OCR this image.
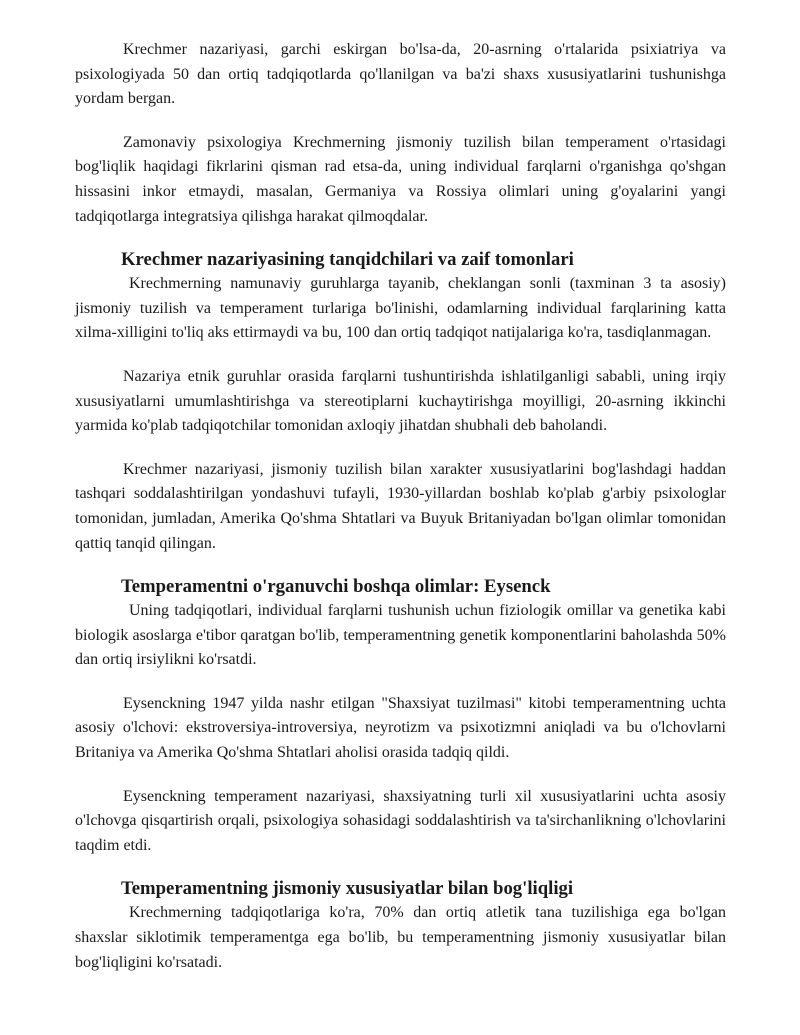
Krechmer nazariyasi, garchi eskirgan bo'lsa-da, 20-asrning o'rtalarida psixiatriya va psixologiyada 50 dan ortiq tadqiqotlarda qo'llanilgan va ba'zi shaxs xususiyatlarini tushunishga yordam bergan.

Zamonaviy psixologiya Krechmerning jismoniy tuzilish bilan temperament o'rtasidagi bog'liqlik haqidagi fikrlarini qisman rad etsa-da, uning individual farqlarni o'rganishga qo'shgan hissasini inkor etmaydi, masalan, Germaniya va Rossiya olimlari uning g'oyalarini yangi tadqiqotlarga integratsiya qilishga harakat qilmoqdalar.

Krechmer nazariyasining tanqidchilari va zaif tomonlari

Krechmerning namunaviy guruhlarga tayanib, cheklangan sonli (taxminan 3 ta asosiy) jismoniy tuzilish va temperament turlariga bo'linishi, odamlarning individual farqlarining katta xilma-xilligini to'liq aks ettirmaydi va bu, 100 dan ortiq tadqiqot natijalariga ko'ra, tasdiqlanmagan.

Nazariya etnik guruhlar orasida farqlarni tushuntirishda ishlatilganligi sababli, uning irqiy xususiyatlarni umumlashtirishga va stereotiplarni kuchaytirishga moyilligi, 20-asrning ikkinchi yarmida ko'plab tadqiqotchilar tomonidan axloqiy jihatdan shubhali deb baholandi.

Krechmer nazariyasi, jismoniy tuzilish bilan xarakter xususiyatlarini bog'lashdagi haddan tashqari soddalashtirilgan yondashuvi tufayli, 1930-yillardan boshlab ko'plab g'arbiy psixologlar tomonidan, jumladan, Amerika Qo'shma Shtatlari va Buyuk Britaniyadan bo'lgan olimlar tomonidan qattiq tanqid qilingan.

Temperamentni o'rganuvchi boshqa olimlar: Eysenck

Uning tadqiqotlari, individual farqlarni tushunish uchun fiziologik omillar va genetika kabi biologik asoslarga e'tibor qaratgan bo'lib, temperamentning genetik komponentlarini baholashda 50% dan ortiq irsiylikni ko'rsatdi.

Eysenckning 1947 yilda nashr etilgan "Shaxsiyat tuzilmasi" kitobi temperamentning uchta asosiy o'lchovi: ekstroversiya-introversiya, neyrotizm va psixotizmni aniqladi va bu o'lchovlarni Britaniya va Amerika Qo'shma Shtatlari aholisi orasida tadqiq qildi.

Eysenckning temperament nazariyasi, shaxsiyatning turli xil xususiyatlarini uchta asosiy o'lchovga qisqartirish orqali, psixologiya sohasidagi soddalashtirish va ta'sirchanlikning o'lchovlarini taqdim etdi.

Temperamentning jismoniy xususiyatlar bilan bog'liqligi

Krechmerning tadqiqotlariga ko'ra, 70% dan ortiq atletik tana tuzilishiga ega bo'lgan shaxslar siklotimik temperamentga ega bo'lib, bu temperamentning jismoniy xususiyatlar bilan bog'liqligini ko'rsatadi.
